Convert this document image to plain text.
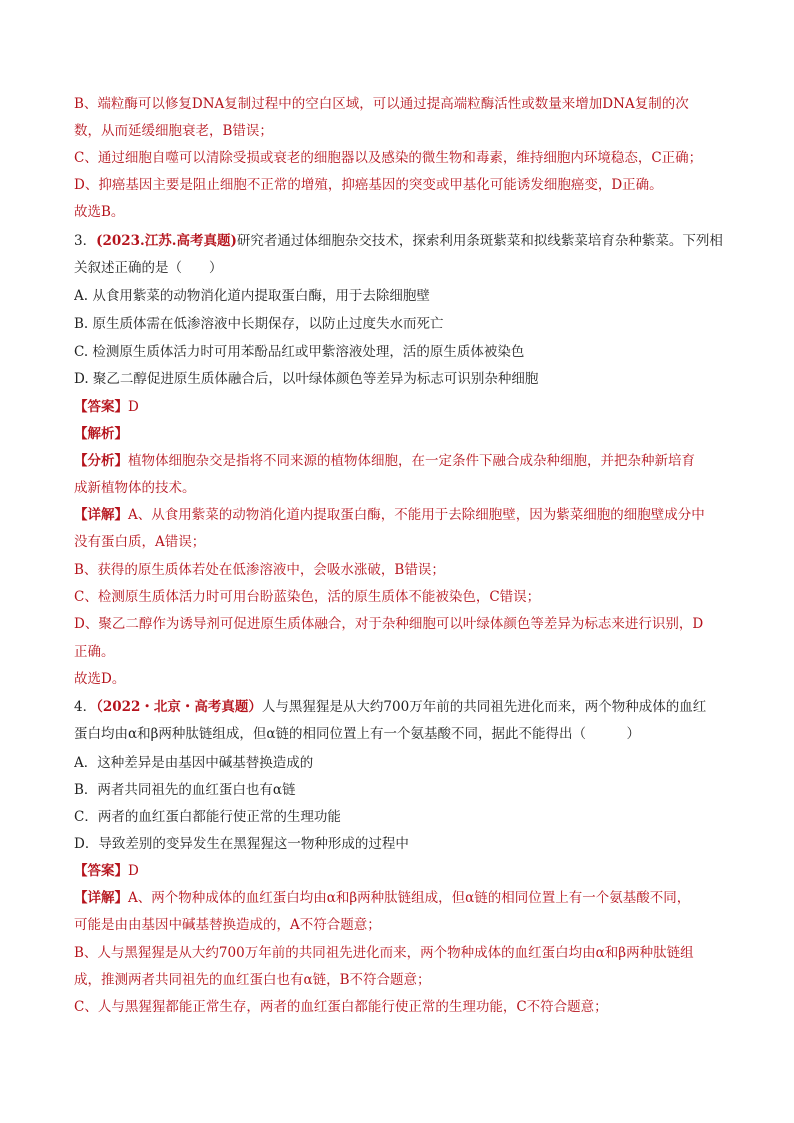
B、端粒酶可以修复DNA复制过程中的空白区域，可以通过提高端粒酶活性或数量来增加DNA复制的次
数，从而延缓细胞衰老，B错误；
C、通过细胞自噬可以清除受损或衰老的细胞器以及感染的微生物和毒素，维持细胞内环境稳态，C正确；
D、抑癌基因主要是阻止细胞不正常的增殖，抑癌基因的突变或甲基化可能诱发细胞癌变，D正确。
故选B。
3．(2023.江苏.高考真题)研究者通过体细胞杂交技术，探索利用条斑紫菜和拟线紫菜培育杂种紫菜。下列相
关叙述正确的是（　　）
A. 从食用紫菜的动物消化道内提取蛋白酶，用于去除细胞壁
B. 原生质体需在低渗溶液中长期保存，以防止过度失水而死亡
C. 检测原生质体活力时可用苯酚品红或甲紫溶液处理，活的原生质体被染色
D. 聚乙二醇促进原生质体融合后，以叶绿体颜色等差异为标志可识别杂种细胞
【答案】D
【解析】
【分析】植物体细胞杂交是指将不同来源的植物体细胞，在一定条件下融合成杂种细胞，并把杂种新培育
成新植物体的技术。
【详解】A、从食用紫菜的动物消化道内提取蛋白酶，不能用于去除细胞壁，因为紫菜细胞的细胞壁成分中
没有蛋白质，A错误；
B、获得的原生质体若处在低渗溶液中，会吸水涨破，B错误；
C、检测原生质体活力时可用台盼蓝染色，活的原生质体不能被染色，C错误；
D、聚乙二醇作为诱导剂可促进原生质体融合，对于杂种细胞可以叶绿体颜色等差异为标志来进行识别，D
正确。
故选D。
4．（2022・北京・高考真题）人与黑猩猩是从大约700万年前的共同祖先进化而来，两个物种成体的血红
蛋白均由α和β两种肽链组成，但α链的相同位置上有一个氨基酸不同，据此不能得出（　　　）
A．这种差异是由基因中碱基替换造成的
B．两者共同祖先的血红蛋白也有α链
C．两者的血红蛋白都能行使正常的生理功能
D．导致差别的变异发生在黑猩猩这一物种形成的过程中
【答案】D
【详解】A、两个物种成体的血红蛋白均由α和β两种肽链组成，但α链的相同位置上有一个氨基酸不同，
可能是由由基因中碱基替换造成的，A不符合题意；
B、人与黑猩猩是从大约700万年前的共同祖先进化而来，两个物种成体的血红蛋白均由α和β两种肽链组
成，推测两者共同祖先的血红蛋白也有α链，B不符合题意；
C、人与黑猩猩都能正常生存，两者的血红蛋白都能行使正常的生理功能，C不符合题意；
